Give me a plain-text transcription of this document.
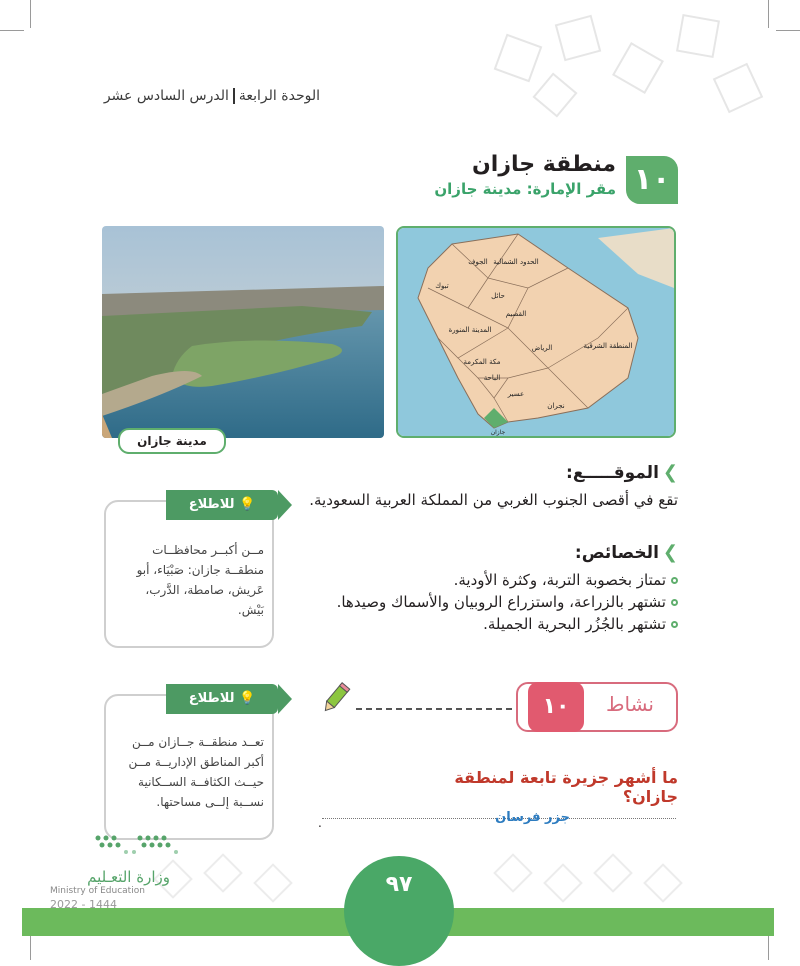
الوحدة الرابعةالدرس السادس عشر
١٠
منطقة جازان
مقر الإمارة: مدينة جازان
مدينة جازان
الحدود الشمالية
الجوف
تبوك
حائل
القصيم
المدينة المنورة
الرياض	المنطقة الشرقية
مكة المكرمة
الباحة
عسير
نجران
جازان
❯الموقـــــع:
تقع في أقصى الجنوب الغربي من المملكة العربية السعودية.
❯الخصائص:
تمتاز بخصوبة التربة، وكثرة الأودية.
تشتهر بالزراعة، واستزراع الروبيان والأسماك وصيدها.
تشتهر بالجُزُر البحرية الجميلة.
💡 للاطلاع
مــن أكبــر محافظــات منطقــة جازان: صَبْيَاء، أبو عَريش، صامطة، الدَّرب، بَيْش.
💡 للاطلاع
تعــد منطقــة جــازان مــن أكبر المناطق الإداريــة مــن حيــث الكثافــة الســكانية نســبة إلــى مساحتها.
١٠	نشاط
ما أشهر جزيرة تابعة لمنطقة جازان؟
.	جزر فرسان
٩٧
وزارة التعـليم
Ministry of Education
2022 - 1444
